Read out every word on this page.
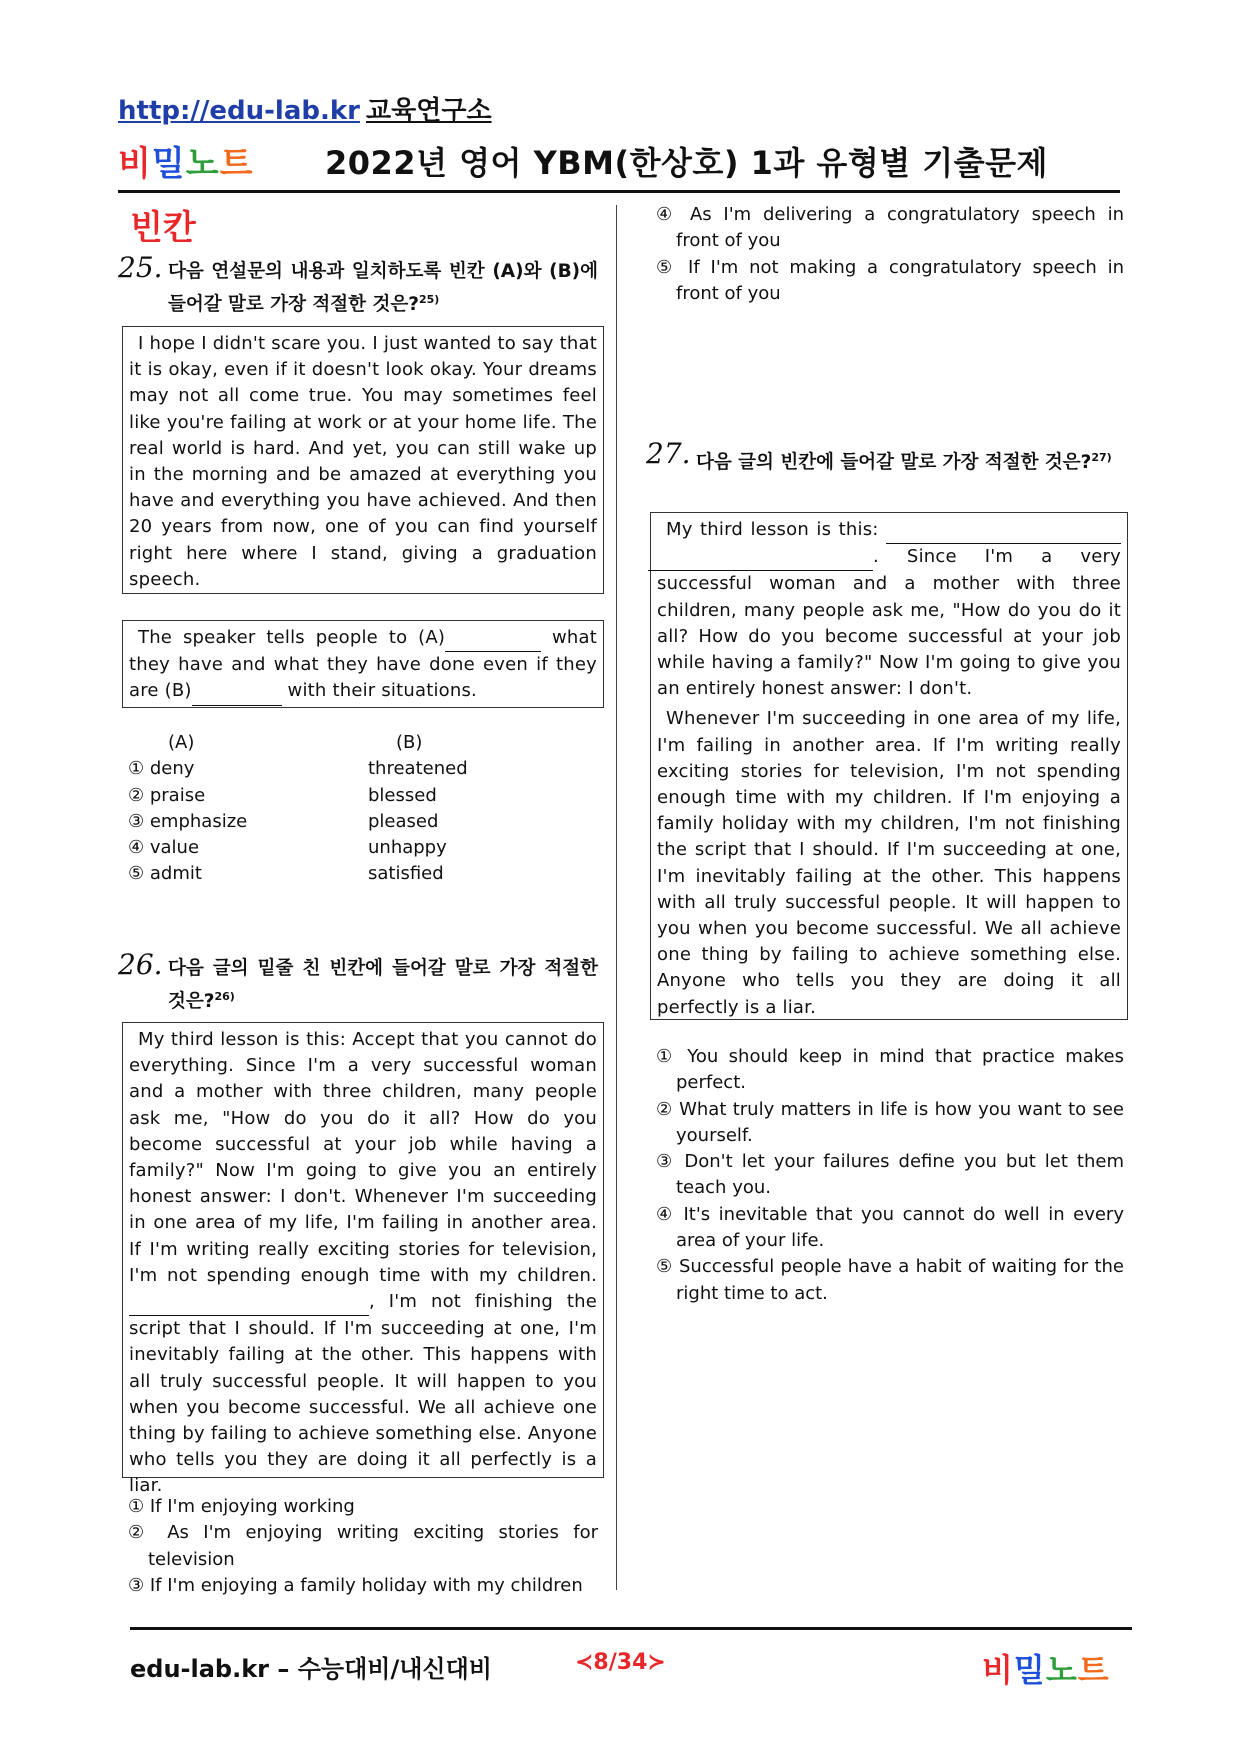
http://edu-lab.kr 교육연구소
비밀노트 2022년 영어 YBM(한상호) 1과 유형별 기출문제
빈칸
25. 다음 연설문의 내용과 일치하도록 빈칸 (A)와 (B)에 들어갈 말로 가장 적절한 것은?$^{25)}$

I hope I didn't scare you. I just wanted to say that it is okay, even if it doesn't look okay. Your dreams may not all come true. You may sometimes feel like you're failing at work or at your home life. The real world is hard. And yet, you can still wake up in the morning and be amazed at everything you have and everything you have achieved. And then 20 years from now, one of you can find yourself right here where I stand, giving a graduation speech.

The speaker tells people to (A)	what they have and what they have done even if they are (B)	with their situations.

(A)	(B)
① deny	threatened
② praise	blessed
③ emphasize	pleased
④ value	unhappy
⑤ admit	satisfied
26. 다음 글의 밑줄 친 빈칸에 들어갈 말로 가장 적절한 것은?$^{26)}$

My third lesson is this: Accept that you cannot do everything. Since I'm a very successful woman and a mother with three children, many people ask me, "How do you do it all? How do you become successful at your job while having a family?" Now I'm going to give you an entirely honest answer: I don't. Whenever I'm succeeding in one area of my life, I'm failing in another area. If I'm writing really exciting stories for television, I'm not spending enough time with my children.  , I'm not finishing the script that I should. If I'm succeeding at one, I'm inevitably failing at the other. This happens with all truly successful people. It will happen to you when you become successful. We all achieve one thing by failing to achieve something else. Anyone who tells you they are doing it all perfectly is a liar.

① If I'm enjoying working
② As I'm enjoying writing exciting stories for television
③ If I'm enjoying a family holiday with my children
④ As I'm delivering a congratulatory speech in front of you
⑤ If I'm not making a congratulatory speech in front of you
27. 다음 글의 빈칸에 들어갈 말로 가장 적절한 것은?$^{27)}$

My third lesson is this:    . Since I'm a very successful woman and a mother with three children, many people ask me, "How do you do it all? How do you become successful at your job while having a family?" Now I'm going to give you an entirely honest answer: I don't.

Whenever I'm succeeding in one area of my life, I'm failing in another area. If I'm writing really exciting stories for television, I'm not spending enough time with my children. If I'm enjoying a family holiday with my children, I'm not finishing the script that I should. If I'm succeeding at one, I'm inevitably failing at the other. This happens with all truly successful people. It will happen to you when you become successful. We all achieve one thing by failing to achieve something else. Anyone who tells you they are doing it all perfectly is a liar.

① You should keep in mind that practice makes perfect.
② What truly matters in life is how you want to see yourself.
③ Don't let your failures define you but let them teach you.
④ It's inevitable that you cannot do well in every area of your life.
⑤ Successful people have a habit of waiting for the right time to act.
edu-lab.kr – 수능대비/내신대비	≺8/34≻	비밀노트
